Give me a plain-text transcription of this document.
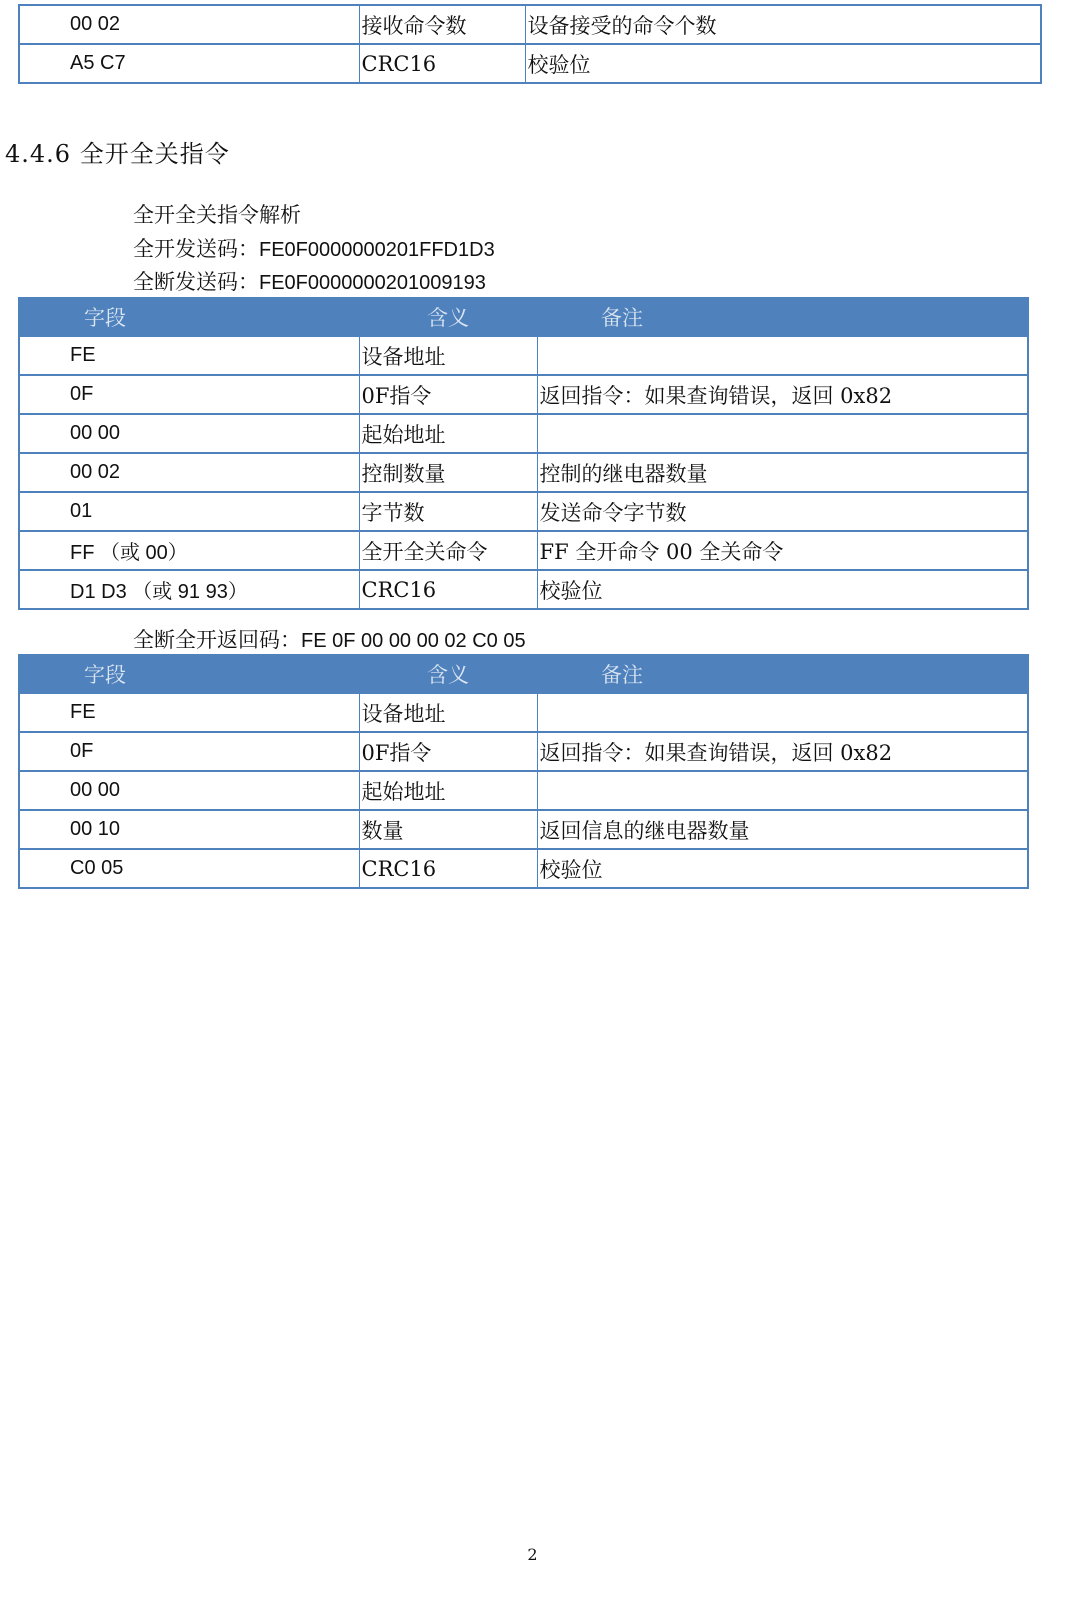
00 02	接收命令数	设备接受的命令个数
A5 C7	CRC16	校验位
4.4.6 全开全关指令
全开全关指令解析
全开发送码：FE0F0000000201FFD1D3
全断发送码：FE0F0000000201009193
字段	含义	备注
FE	设备地址	
0F	0F指令	返回指令：如果查询错误，返回 0x82
00 00	起始地址	
00 02	控制数量	控制的继电器数量
01	字节数	发送命令字节数
FF （或 00）	全开全关命令	FF 全开命令 00 全关命令
D1 D3 （或 91 93）	CRC16	校验位
全断全开返回码：FE 0F 00 00 00 02 C0 05
字段	含义	备注
FE	设备地址	
0F	0F指令	返回指令：如果查询错误，返回 0x82
00 00	起始地址	
00 10	数量	返回信息的继电器数量
C0 05	CRC16	校验位
2
